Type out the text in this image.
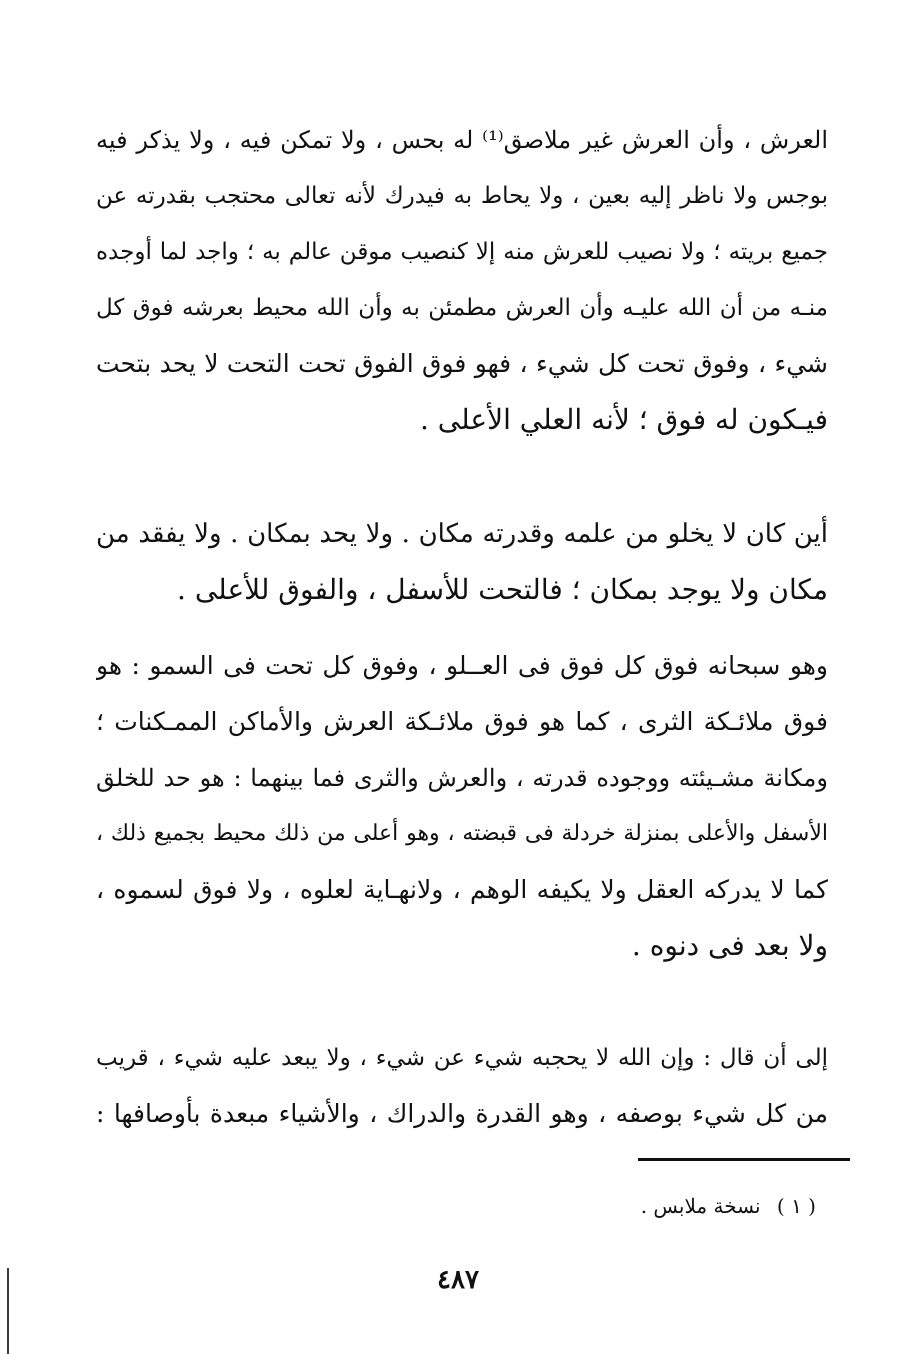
العرش ، وأن العرش غير ملاصق⁽¹⁾ له بحس ، ولا تمكن فيه ، ولا يذكر فيه
بوجس ولا ناظر إليه بعين ، ولا يحاط به فيدرك لأنه تعالى محتجب بقدرته عن
جميع بريته ؛ ولا نصيب للعرش منه إلا كنصيب موقن عالم به ؛ واجد لما أوجده
منـه من أن الله عليـه وأن العرش مطمئن به وأن الله محيط بعرشه فوق كل
شيء ، وفوق تحت كل شيء ، فهو فوق الفوق تحت التحت لا يحد بتحت
فيـكون له فوق ؛ لأنه العلي الأعلى .
أين كان لا يخلو من علمه وقدرته مكان . ولا يحد بمكان . ولا يفقد من
مكان ولا يوجد بمكان ؛ فالتحت للأسفل ، والفوق للأعلى .
وهو سبحانه فوق كل فوق فى العــلو ، وفوق كل تحت فى السمو : هو
فوق ملائـكة الثرى ، كما هو فوق ملائـكة العرش والأماكن الممـكنات ؛
ومكانة مشـيئته ووجوده قدرته ، والعرش والثرى فما بينهما : هو حد للخلق
الأسفل والأعلى بمنزلة خردلة فى قبضته ، وهو أعلى من ذلك محيط بجميع ذلك ،
كما لا يدركه العقل ولا يكيفه الوهم ، ولانهـاية لعلوه ، ولا فوق لسموه ،
ولا بعد فى دنوه .
إلى أن قال : وإن الله لا يحجبه شيء عن شيء ، ولا يبعد عليه شيء ، قريب
من كل شيء بوصفه ، وهو القدرة والدراك ، والأشياء مبعدة بأوصافها :
( ١ ) نسخة ملابس .
٤٨٧
